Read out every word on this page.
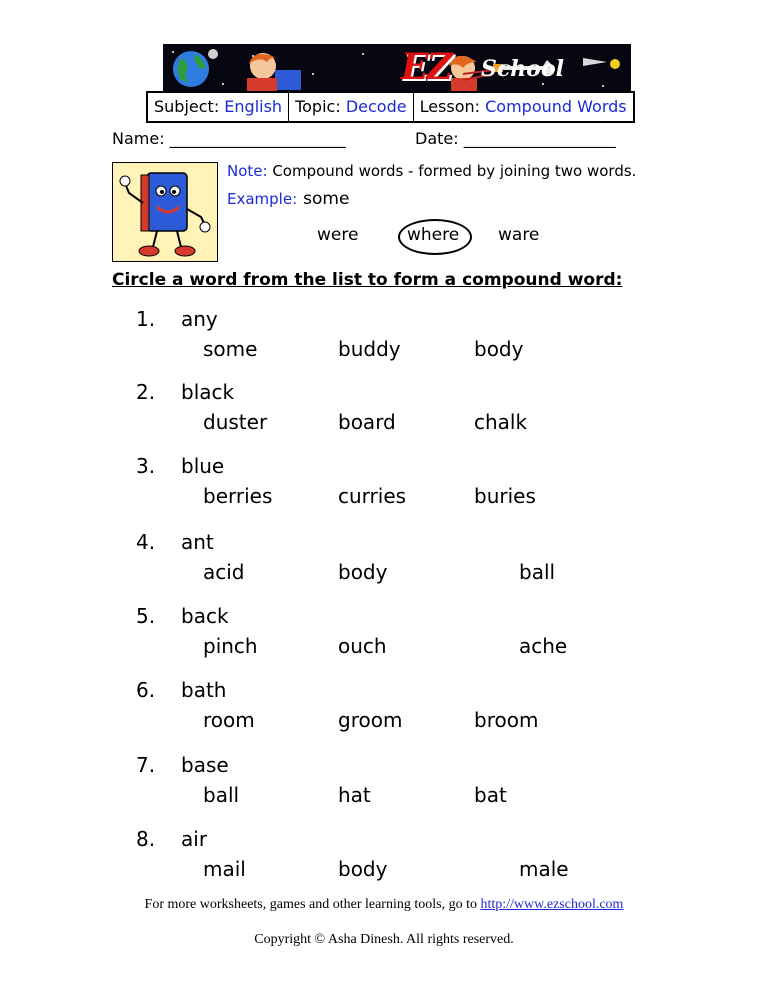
EZ School
Subject: English Topic: Decode Lesson: Compound Words
Name: ______________________	Date: ___________________
Note: Compound words - formed by joining two words.
Example: some
were	where ware
Circle a word from the list to form a compound word:
1. any
some	buddy	body
2. black
duster	board	chalk
3. blue
berries	curries	buries
4. ant
acid	body	ball
5. back
pinch	ouch	ache
6. bath
room	groom	broom
7. base
ball	hat	bat
8. air
mail	body	male
For more worksheets, games and other learning tools, go to http://www.ezschool.com
Copyright © Asha Dinesh. All rights reserved.
